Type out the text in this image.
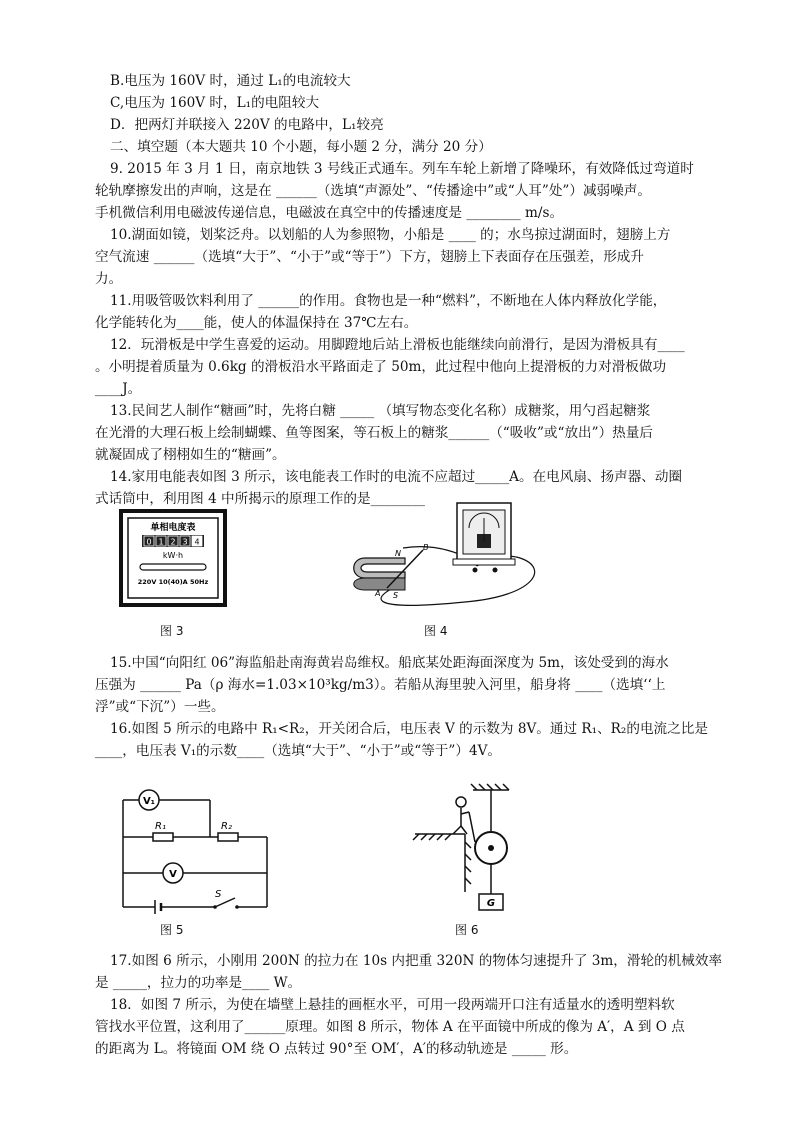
B.电压为 160V 时，通过 L₁的电流较大
C,电压为 160V 时，L₁的电阻较大
D．把两灯并联接入 220V 的电路中，L₁较亮
二、填空题（本大题共 10 个小题，每小题 2 分，满分 20 分）
9. 2015 年 3 月 1 日，南京地铁 3 号线正式通车。列车车轮上新增了降噪环，有效降低过弯道时
轮轨摩擦发出的声响，这是在 ______（选填“声源处”、“传播途中”或“人耳”处”）减弱噪声。
手机微信利用电磁波传递信息，电磁波在真空中的传播速度是 ________ m/s。
10.湖面如镜，划桨泛舟。以划船的人为参照物，小船是 ____ 的；水鸟掠过湖面时，翅膀上方
空气流速 ______（选填“大于”、“小于”或“等于”）下方，翅膀上下表面存在压强差，形成升
力。
11.用吸管吸饮料利用了 ______的作用。食物也是一种“燃料”，不断地在人体内释放化学能，
化学能转化为____能，使人的体温保持在 37℃左右。
12．玩滑板是中学生喜爱的运动。用脚蹬地后站上滑板也能继续向前滑行，是因为滑板具有____
。小明提着质量为 0.6kg 的滑板沿水平路面走了 50m，此过程中他向上提滑板的力对滑板做功
____J。
13.民间艺人制作“糖画”时，先将白糖 _____ （填写物态变化名称）成糖浆，用勺舀起糖浆
在光滑的大理石板上绘制蝴蝶、鱼等图案，等石板上的糖浆______（“吸收”或“放出”）热量后
就凝固成了栩栩如生的“糖画”。
14.家用电能表如图 3 所示，该电能表工作时的电流不应超过_____A。在电风扇、扬声器、动圈
式话筒中，利用图 4 中所揭示的原理工作的是________
单相电度表
0 1 2 3 4
kW·h
220V 10(40)A 50Hz
图 3
N
B
A S
图 4
15.中国“向阳红 06”海监船赴南海黄岩岛维权。船底某处距海面深度为 5m，该处受到的海水
压强为 ______ Pa（ρ 海水=1.03×10³kg/m3）。若船从海里驶入河里，船身将 ____（选填‘‘上
浮”或“下沉”）一些。
16.如图 5 所示的电路中 R₁<R₂，开关闭合后，电压表 V 的示数为 8V。通过 R₁、R₂的电流之比是
____，电压表 V₁的示数____（选填“大于”、“小于”或“等于”）4V。
V₁
V
R₁	R₂
S
图 5
G
图 6
17.如图 6 所示，小刚用 200N 的拉力在 10s 内把重 320N 的物体匀速提升了 3m，滑轮的机械效率
是 _____，拉力的功率是____ W。
18．如图 7 所示，为使在墙壁上悬挂的画框水平，可用一段两端开口注有适量水的透明塑料软
管找水平位置，这利用了______原理。如图 8 所示，物体 A 在平面镜中所成的像为 A′，A 到 O 点
的距离为 L。将镜面 OM 绕 O 点转过 90°至 OM′，A′的移动轨迹是 _____ 形。
